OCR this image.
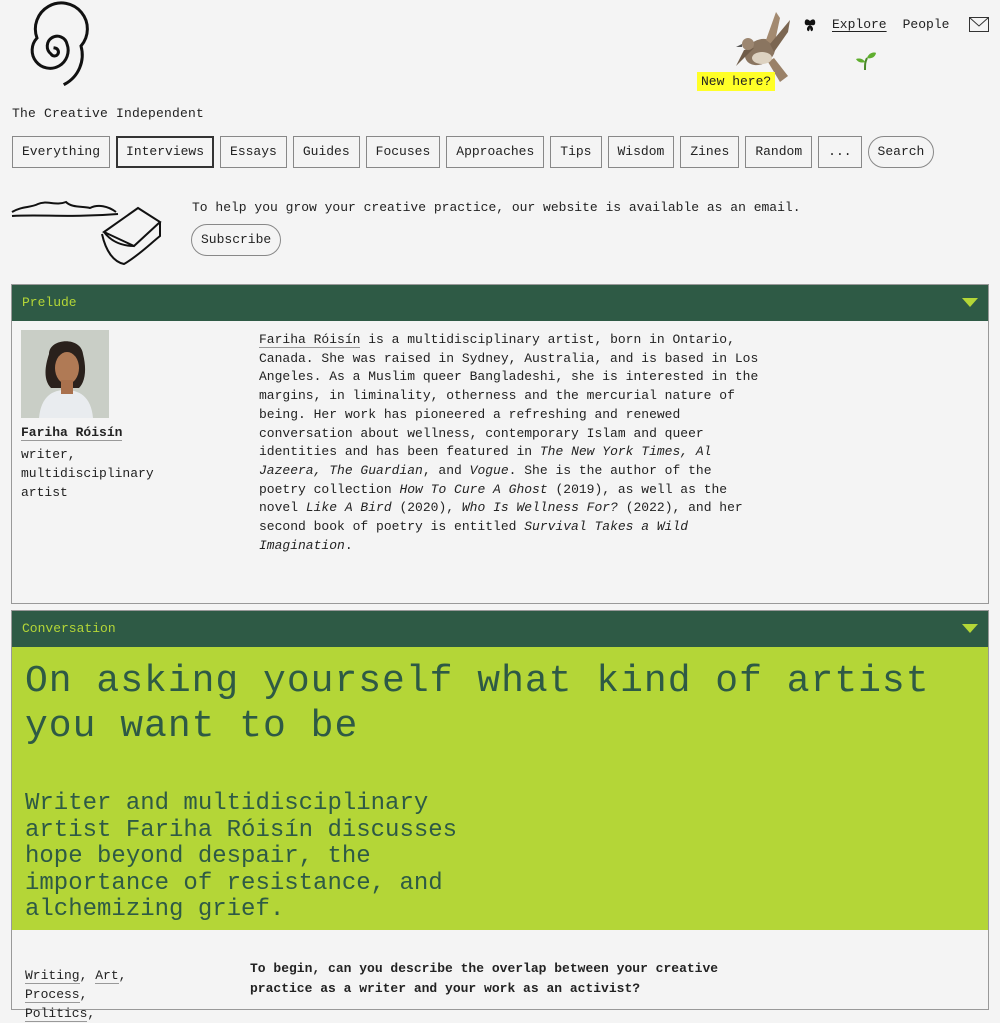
The Creative Independent
New here?
Explore People
Everything	Interviews	Essays	Guides	Focuses	Approaches	Tips	Wisdom	Zines	Random	...	Search
To help you grow your creative practice, our website is available as an email.
Subscribe
Prelude
Fariha Róisín
writer, multidisciplinary artist

Fariha Róisín is a multidisciplinary artist, born in Ontario, Canada. She was raised in Sydney, Australia, and is based in Los Angeles. As a Muslim queer Bangladeshi, she is interested in the margins, in liminality, otherness and the mercurial nature of being. Her work has pioneered a refreshing and renewed conversation about wellness, contemporary Islam and queer identities and has been featured in The New York Times, Al Jazeera, The Guardian, and Vogue. She is the author of the poetry collection How To Cure A Ghost (2019), as well as the novel Like A Bird (2020), Who Is Wellness For? (2022), and her second book of poetry is entitled Survival Takes a Wild Imagination.

Conversation
On asking yourself what kind of artist you want to be
Writer and multidisciplinary artist Fariha Róisín discusses hope beyond despair, the importance of resistance, and alchemizing grief.
Writing, Art,
Process, Politics,
To begin, can you describe the overlap between your creative practice as a writer and your work as an activist?
